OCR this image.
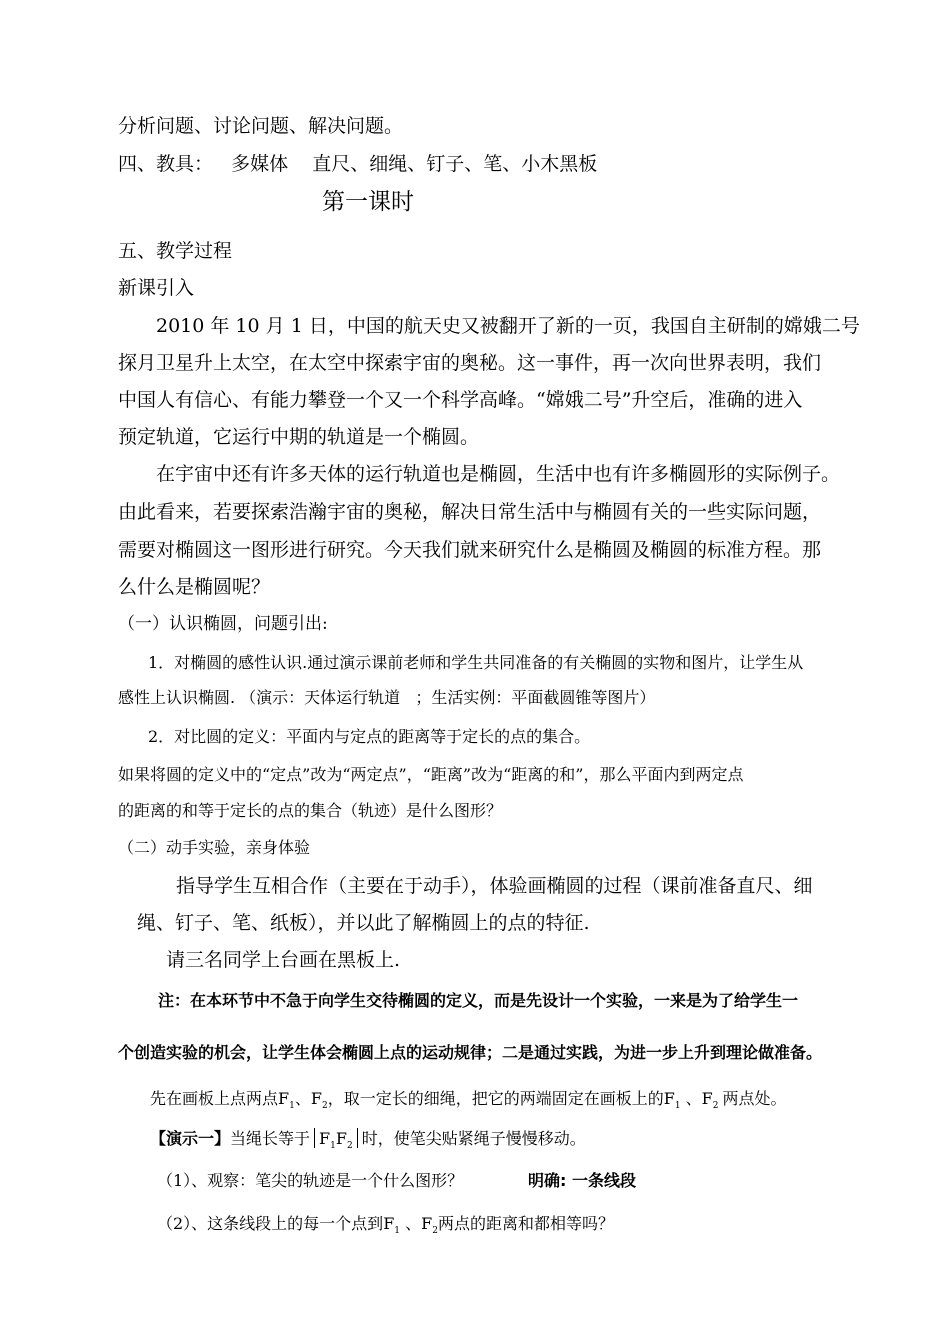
分析问题、讨论问题、解决问题。
四、教具：   多媒体    直尺、细绳、钉子、笔、小木黑板
第一课时
五、教学过程
新课引入
2010 年 10 月 1 日，中国的航天史又被翻开了新的一页，我国自主研制的嫦娥二号
探月卫星升上太空，在太空中探索宇宙的奥秘。这一事件，再一次向世界表明，我们
中国人有信心、有能力攀登一个又一个科学高峰。“嫦娥二号”升空后，准确的进入
预定轨道，它运行中期的轨道是一个椭圆。
在宇宙中还有许多天体的运行轨道也是椭圆，生活中也有许多椭圆形的实际例子。
由此看来，若要探索浩瀚宇宙的奥秘，解决日常生活中与椭圆有关的一些实际问题，
需要对椭圆这一图形进行研究。今天我们就来研究什么是椭圆及椭圆的标准方程。那
么什么是椭圆呢？
（一）认识椭圆，问题引出:
1．对椭圆的感性认识.通过演示课前老师和学生共同准备的有关椭圆的实物和图片，让学生从
感性上认识椭圆. （演示：天体运行轨道   ；生活实例：平面截圆锥等图片）
2．对比圆的定义：平面内与定点的距离等于定长的点的集合。
如果将圆的定义中的“定点”改为“两定点”，“距离”改为“距离的和”，那么平面内到两定点
的距离的和等于定长的点的集合（轨迹）是什么图形？
（二）动手实验，亲身体验
指导学生互相合作（主要在于动手），体验画椭圆的过程（课前准备直尺、细
绳、钉子、笔、纸板），并以此了解椭圆上的点的特征.
请三名同学上台画在黑板上.
注：在本环节中不急于向学生交待椭圆的定义，而是先设计一个实验，一来是为了给学生一
个创造实验的机会，让学生体会椭圆上点的运动规律；二是通过实践，为进一步上升到理论做准备。
先在画板上点两点$F_1$、$F_2$，取一定长的细绳，把它的两端固定在画板上的$F_1$ 、$F_2$ 两点处。
【演示一】当绳长等于 $F_1F_2$ 时，使笔尖贴紧绳子慢慢移动。
（1）、观察：笔尖的轨迹是一个什么图形？	明确: 一条线段
（2）、这条线段上的每一个点到$F_1$ 、$F_2$两点的距离和都相等吗？
